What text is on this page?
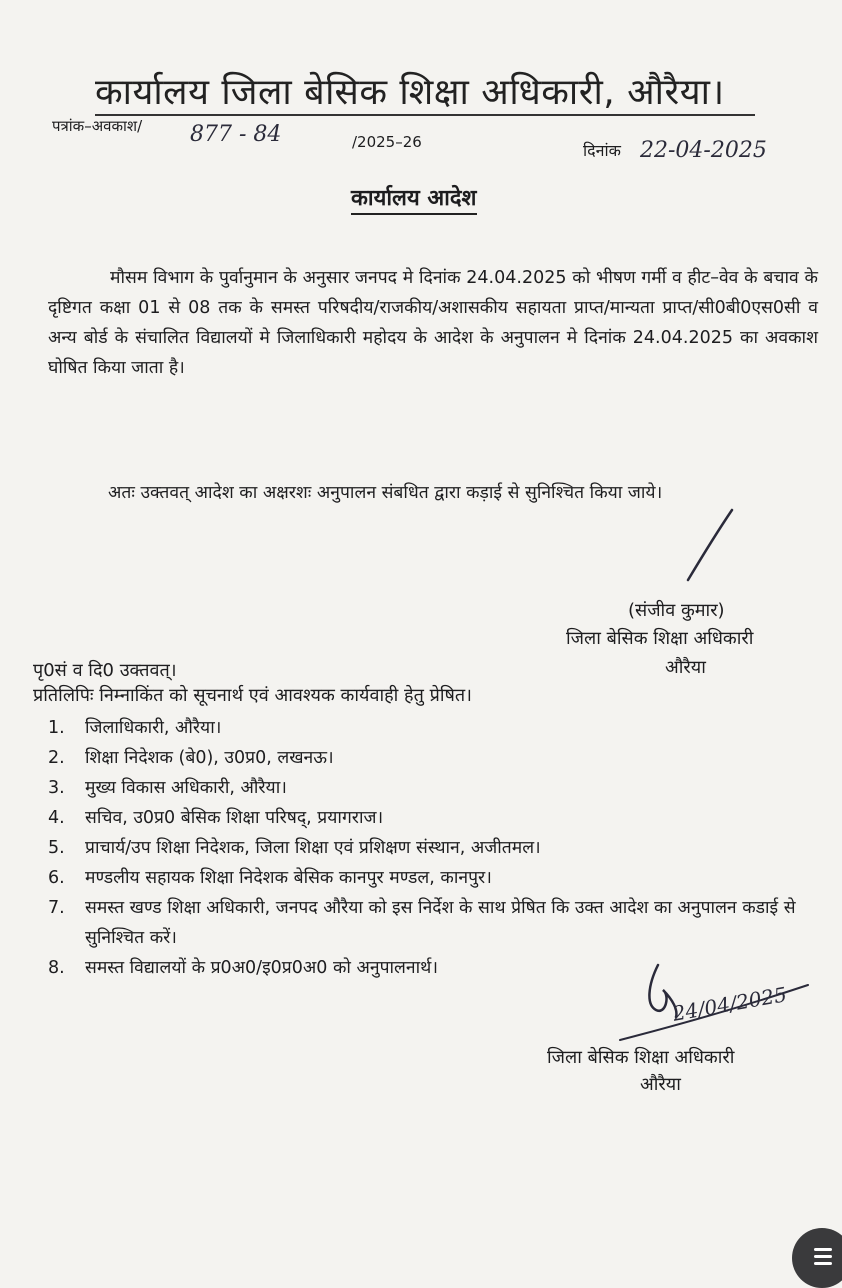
कार्यालय जिला बेसिक शिक्षा अधिकारी, औरैया।
पत्रांक–अवकाश/ 877 - 84	/2025–26	दिनांक 22-04-2025
कार्यालय आदेश

मौसम विभाग के पुर्वानुमान के अनुसार जनपद मे दिनांक 24.04.2025 को भीषण गर्मी व हीट–वेव के बचाव के दृष्टिगत कक्षा 01 से 08 तक के समस्त परिषदीय/राजकीय/अशासकीय सहायता प्राप्त/मान्यता प्राप्त/सी0बी0एस0सी व अन्य बोर्ड के संचालित विद्यालयों मे जिलाधिकारी महोदय के आदेश के अनुपालन मे दिनांक 24.04.2025 का अवकाश घोषित किया जाता है।

अतः उक्तवत् आदेश का अक्षरशः अनुपालन संबधित द्वारा कड़ाई से सुनिश्चित किया जाये।

(संजीव कुमार)
जिला बेसिक शिक्षा अधिकारी
औरैया
पृ0सं व दि0 उक्तवत्।
प्रतिलिपिः निम्नाकिंत को सूचनार्थ एवं आवश्यक कार्यवाही हेतु प्रेषित।
1.	जिलाधिकारी, औरैया।
2.	शिक्षा निदेशक (बे0), उ0प्र0, लखनऊ।
3.	मुख्य विकास अधिकारी, औरैया।
4.	सचिव, उ0प्र0 बेसिक शिक्षा परिषद्, प्रयागराज।
5.	प्राचार्य/उप शिक्षा निदेशक, जिला शिक्षा एवं प्रशिक्षण संस्थान, अजीतमल।
6.	मण्डलीय सहायक शिक्षा निदेशक बेसिक कानपुर मण्डल, कानपुर।
7.	समस्त खण्ड शिक्षा अधिकारी, जनपद औरैया को इस निर्देश के साथ प्रेषित कि उक्त आदेश का अनुपालन कडाई से सुनिश्चित करें।
8.	समस्त विद्यालयों के प्र0अ0/इ0प्र0अ0 को अनुपालनार्थ।
24/04/2025
जिला बेसिक शिक्षा अधिकारी
औरैया
